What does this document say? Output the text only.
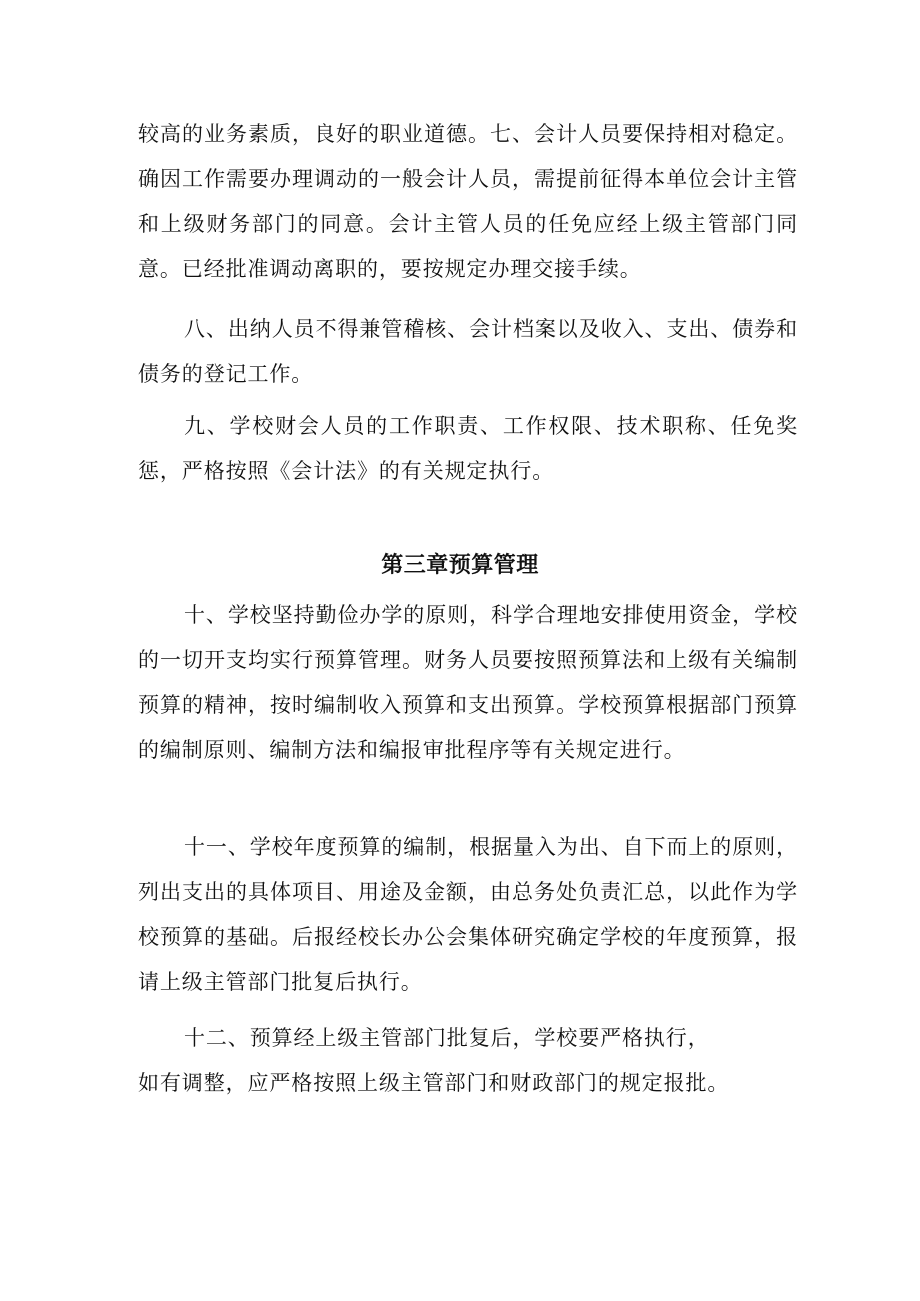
较高的业务素质，良好的职业道德。七、会计人员要保持相对稳定。确因工作需要办理调动的一般会计人员，需提前征得本单位会计主管和上级财务部门的同意。会计主管人员的任免应经上级主管部门同意。已经批准调动离职的，要按规定办理交接手续。

八、出纳人员不得兼管稽核、会计档案以及收入、支出、债券和债务的登记工作。

九、学校财会人员的工作职责、工作权限、技术职称、任免奖惩，严格按照《会计法》的有关规定执行。

第三章预算管理

十、学校坚持勤俭办学的原则，科学合理地安排使用资金，学校的一切开支均实行预算管理。财务人员要按照预算法和上级有关编制预算的精神，按时编制收入预算和支出预算。学校预算根据部门预算的编制原则、编制方法和编报审批程序等有关规定进行。

十一、学校年度预算的编制，根据量入为出、自下而上的原则，列出支出的具体项目、用途及金额，由总务处负责汇总，以此作为学校预算的基础。后报经校长办公会集体研究确定学校的年度预算，报请上级主管部门批复后执行。

十二、预算经上级主管部门批复后，学校要严格执行，
如有调整，应严格按照上级主管部门和财政部门的规定报批。
